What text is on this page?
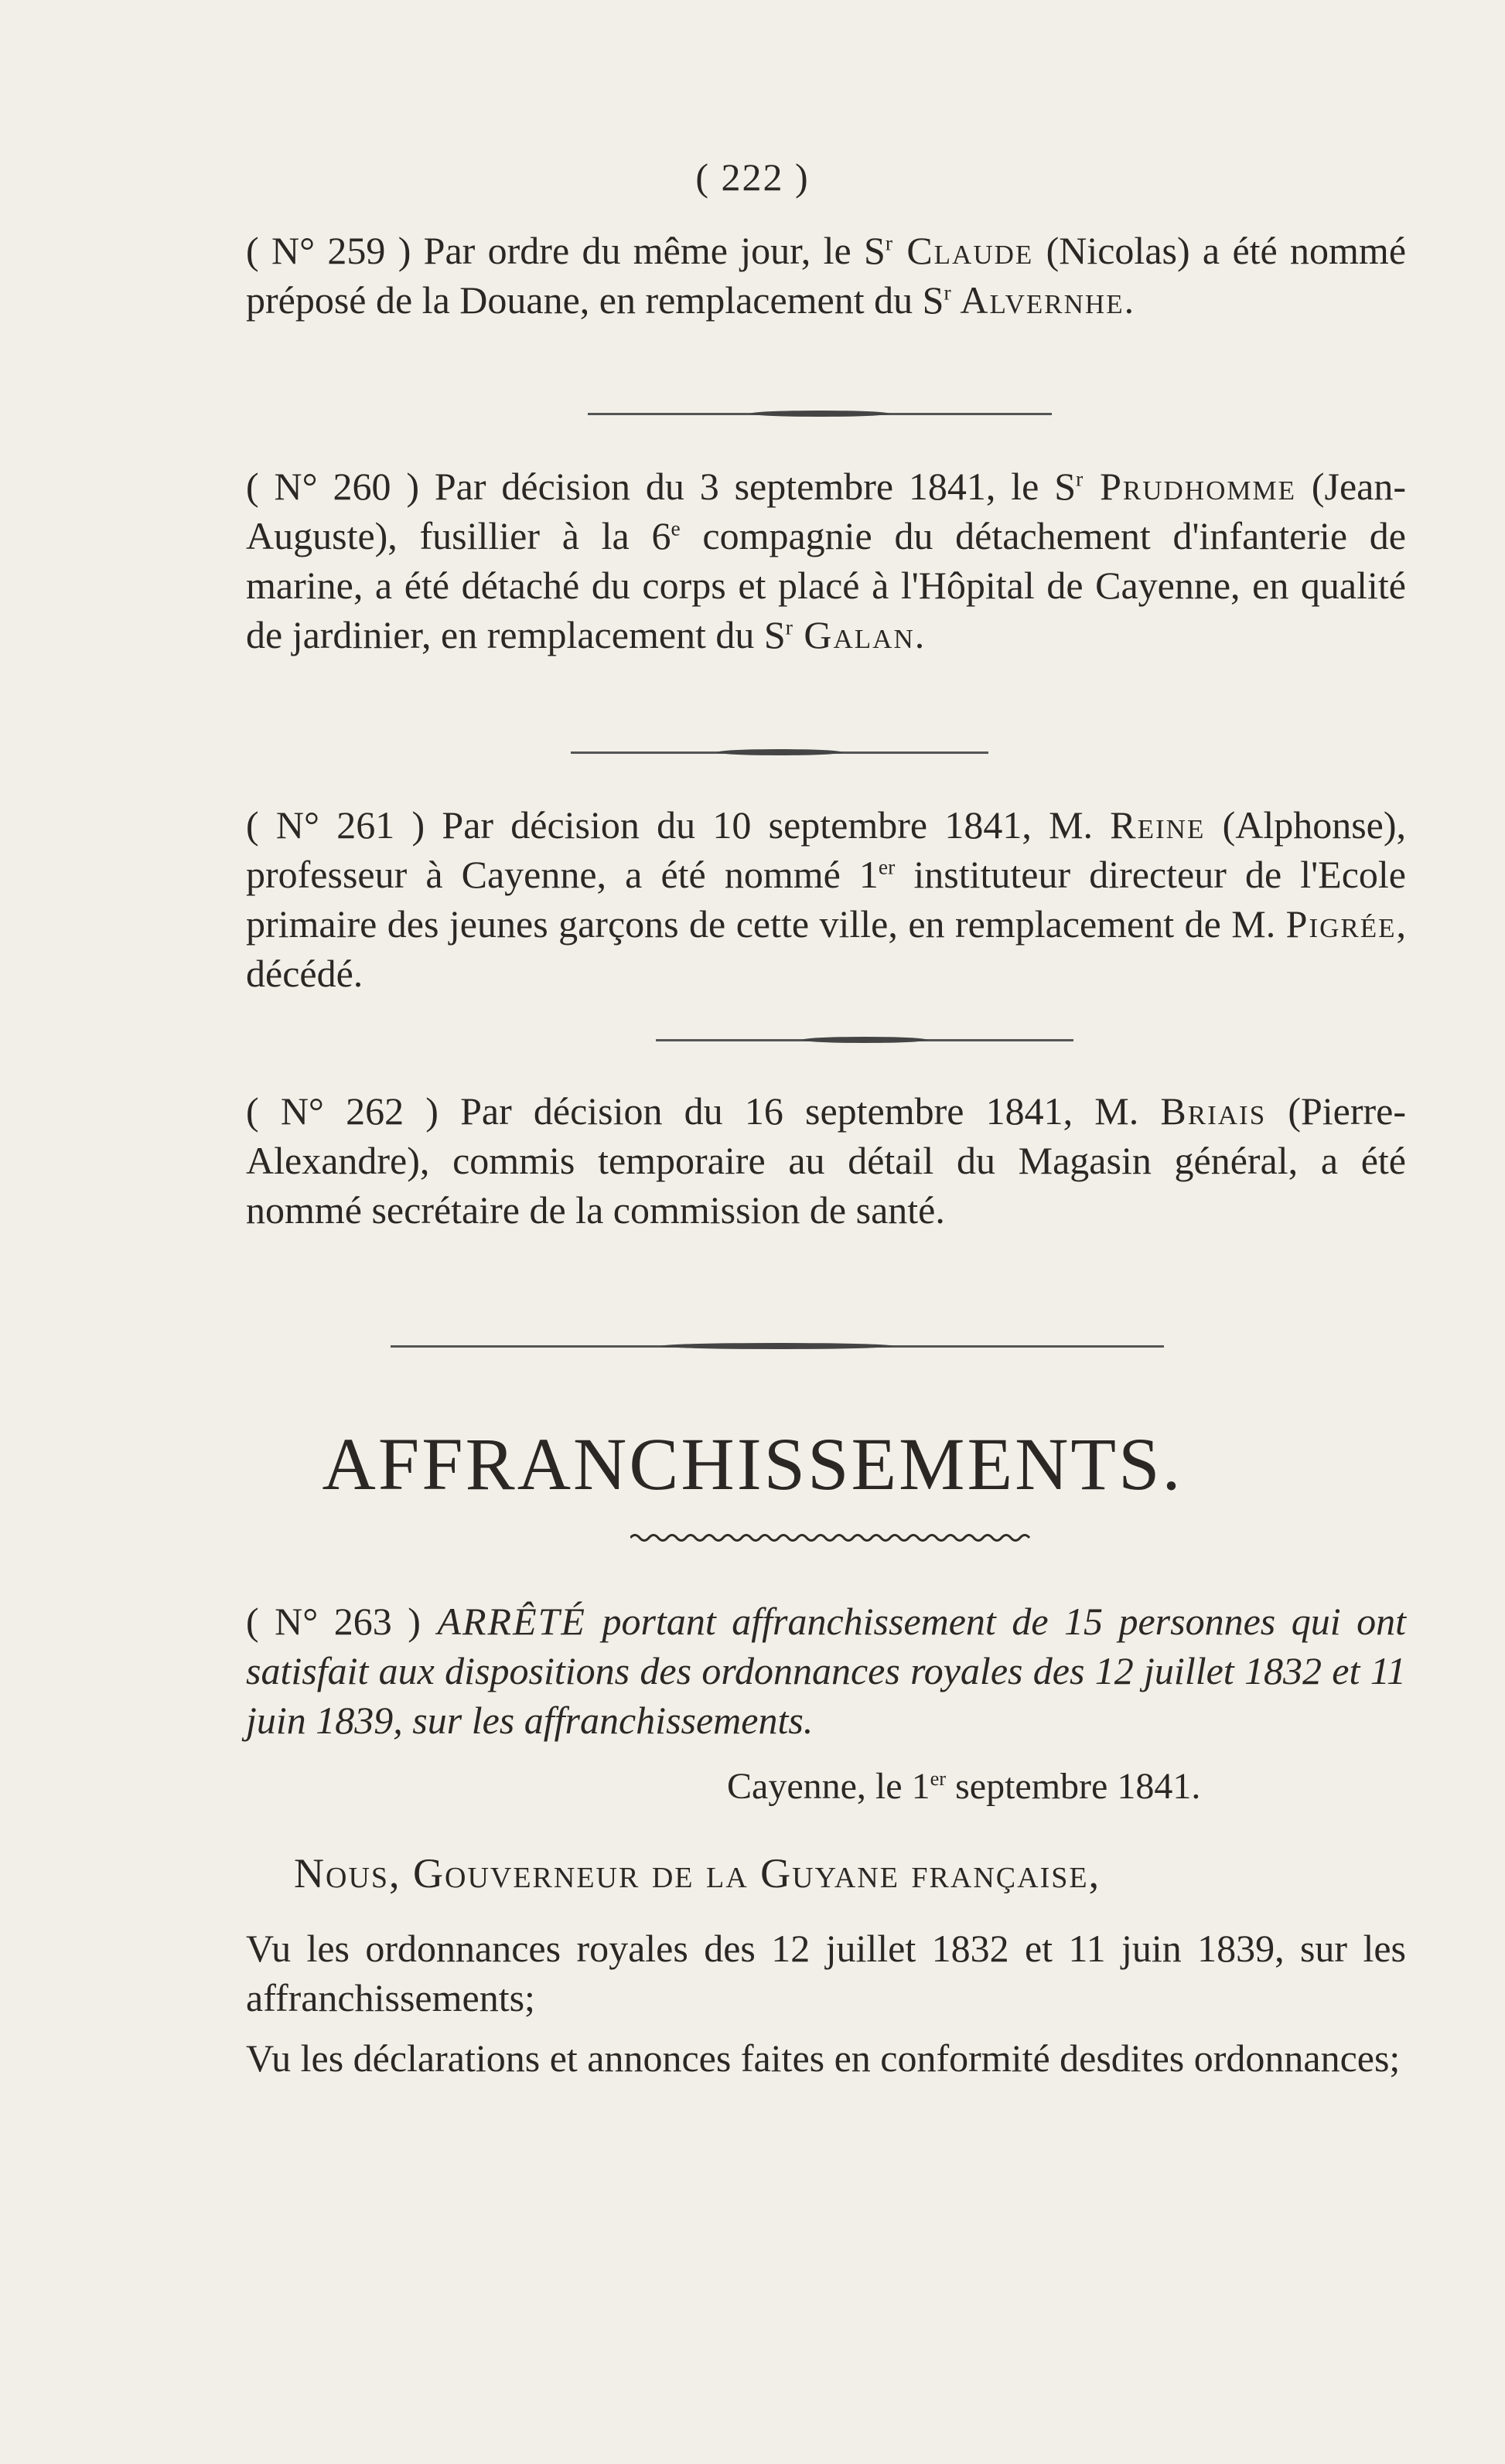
( 222 )
( N° 259 ) Par ordre du même jour, le $S^r$ Claude (Nicolas) a été nommé préposé de la Douane, en remplacement du $S^r$ Alvernhe.
( N° 260 ) Par décision du 3 septembre 1841, le $S^r$ Prudhomme (Jean-Auguste), fusillier à la 6e compagnie du détachement d'infanterie de marine, a été détaché du corps et placé à l'Hôpital de Cayenne, en qualité de jardinier, en remplacement du $S^r$ Galan.
( N° 261 ) Par décision du 10 septembre 1841, M. Reine (Alphonse), professeur à Cayenne, a été nommé 1er instituteur directeur de l'Ecole primaire des jeunes garçons de cette ville, en remplacement de M. Pigrée, décédé.
( N° 262 ) Par décision du 16 septembre 1841, M. Briais (Pierre-Alexandre), commis temporaire au détail du Magasin général, a été nommé secrétaire de la commission de santé.
AFFRANCHISSEMENTS.
( N° 263 ) ARRÊTÉ portant affranchissement de 15 personnes qui ont satisfait aux dispositions des ordonnances royales des 12 juillet 1832 et 11 juin 1839, sur les affranchissements.
Cayenne, le 1er septembre 1841.
Nous, Gouverneur de la Guyane française,
Vu les ordonnances royales des 12 juillet 1832 et 11 juin 1839, sur les affranchissements;
Vu les déclarations et annonces faites en conformité desdites ordonnances;
